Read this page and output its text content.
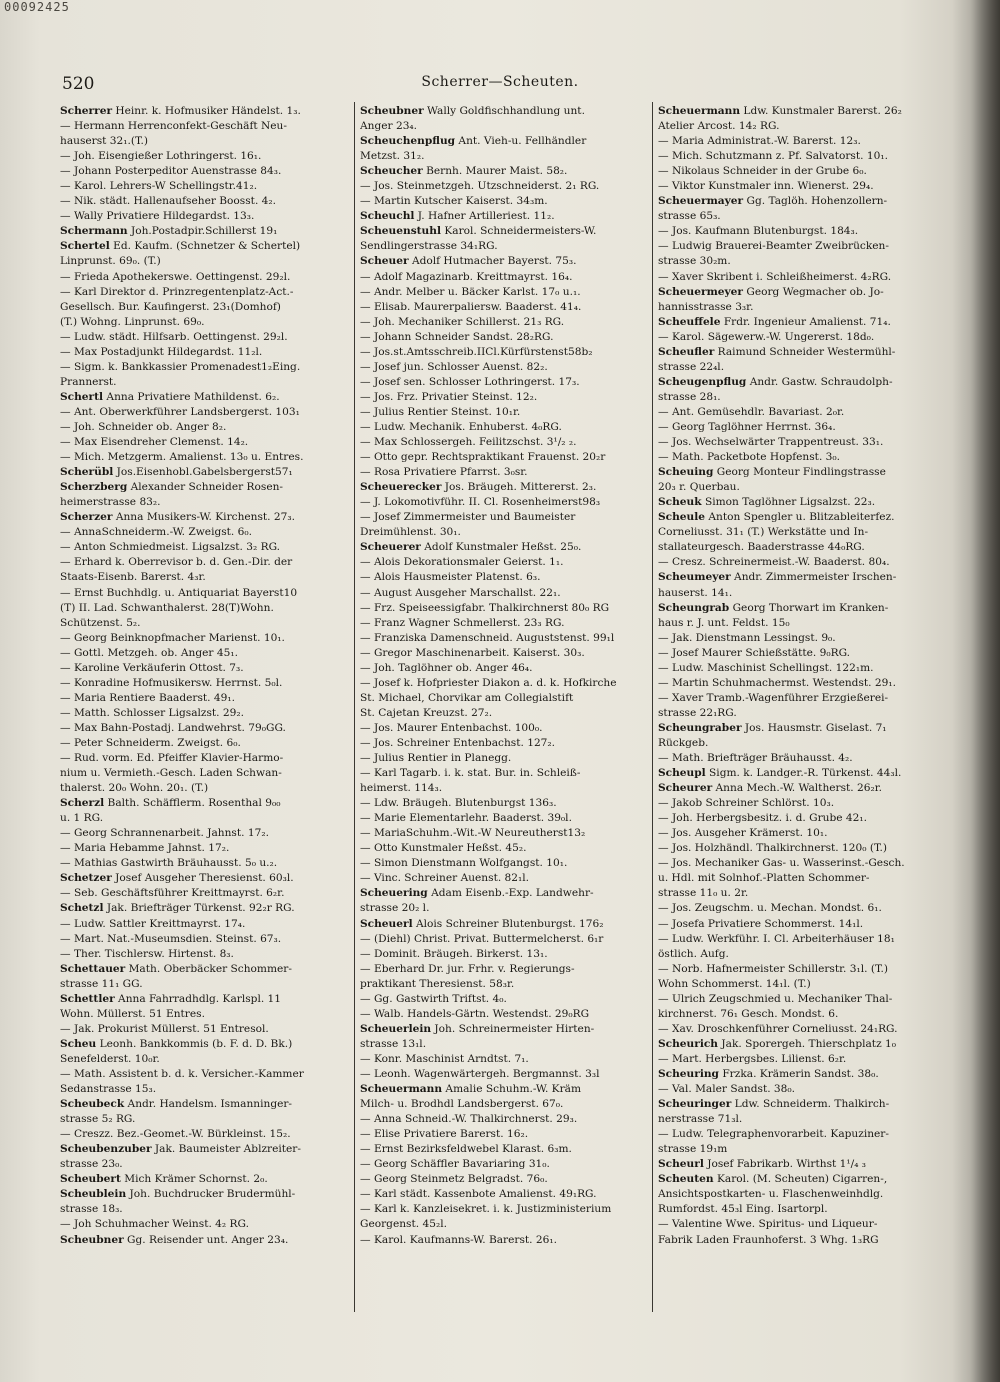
00092425
520	Scherrer—Scheuten.
Scherrer Heinr. k. Hofmusiker Händelst. 1₃.
— Hermann Herrenconfekt-Geschäft Neu-
hauserst 32₁.(T.)
— Joh. Eisengießer Lothringerst. 16₁.
— Johann Posterpeditor Auenstrasse 84₃.
— Karol. Lehrers-W Schellingstr.41₂.
— Nik. städt. Hallenaufseher Boosst. 4₂.
— Wally Privatiere Hildegardst. 13₃.
Schermann Joh.Postadpir.Schillerst 19₁
Schertel Ed. Kaufm. (Schnetzer & Schertel)
Linprunst. 69₀. (T.)
— Frieda Apothekerswe. Oettingenst. 29₂l.
— Karl Direktor d. Prinzregentenplatz-Act.-
Gesellsch. Bur. Kaufingerst. 23₁(Domhof)
(T.) Wohng. Linprunst. 69₀.
— Ludw. städt. Hilfsarb. Oettingenst. 29₂l.
— Max Postadjunkt Hildegardst. 11₂l.
— Sigm. k. Bankkassier Promenadest1₂Eing.
Prannerst.
Schertl Anna Privatiere Mathildenst. 6₂.
— Ant. Oberwerkführer Landsbergerst. 103₁
— Joh. Schneider ob. Anger 8₂.
— Max Eisendreher Clemenst. 14₂.
— Mich. Metzgerm. Amalienst. 13₀ u. Entres.
Scherübl Jos.Eisenhobl.Gabelsbergerst57₁
Scherzberg Alexander Schneider Rosen-
heimerstrasse 83₂.
Scherzer Anna Musikers-W. Kirchenst. 27₃.
— AnnaSchneiderm.-W. Zweigst. 6₀.
— Anton Schmiedmeist. Ligsalzst. 3₂ RG.
— Erhard k. Oberrevisor b. d. Gen.-Dir. der
Staats-Eisenb. Barerst. 4₃r.
— Ernst Buchhdlg. u. Antiquariat Bayerst10
(T) II. Lad. Schwanthalerst. 28(T)Wohn.
Schützenst. 5₂.
— Georg Beinknopfmacher Marienst. 10₁.
— Gottl. Metzgeh. ob. Anger 45₁.
— Karoline Verkäuferin Ottost. 7₃.
— Konradine Hofmusikersw. Herrnst. 5₀l.
— Maria Rentiere Baaderst. 49₁.
— Matth. Schlosser Ligsalzst. 29₂.
— Max Bahn-Postadj. Landwehrst. 79₀GG.
— Peter Schneiderm. Zweigst. 6₀.
— Rud. vorm. Ed. Pfeiffer Klavier-Harmo-
nium u. Vermieth.-Gesch. Laden Schwan-
thalerst. 20₀ Wohn. 20₁. (T.)
Scherzl Balth. Schäfflerm. Rosenthal 9₀₀
u. 1 RG.
— Georg Schrannenarbeit. Jahnst. 17₂.
— Maria Hebamme Jahnst. 17₂.
— Mathias Gastwirth Bräuhausst. 5₀ u.₂.
Schetzer Josef Ausgeher Theresienst. 60₃l.
— Seb. Geschäftsführer Kreittmayrst. 6₂r.
Schetzl Jak. Briefträger Türkenst. 92₂r RG.
— Ludw. Sattler Kreittmayrst. 17₄.
— Mart. Nat.-Museumsdien. Steinst. 67₃.
— Ther. Tischlersw. Hirtenst. 8₃.
Schettauer Math. Oberbäcker Schommer-
strasse 11₁ GG.
Schettler Anna Fahrradhdlg. Karlspl. 11
Wohn. Müllerst. 51 Entres.
— Jak. Prokurist Müllerst. 51 Entresol.
Scheu Leonh. Bankkommis (b. F. d. D. Bk.)
Senefelderst. 10₀r.
— Math. Assistent b. d. k. Versicher.-Kammer
Sedanstrasse 15₃.
Scheubeck Andr. Handelsm. Ismanninger-
strasse 5₂ RG.
— Creszz. Bez.-Geomet.-W. Bürkleinst. 15₂.
Scheubenzuber Jak. Baumeister Ablzreiter-
strasse 23₀.
Scheubert Mich Krämer Schornst. 2₀.
Scheublein Joh. Buchdrucker Brudermühl-
strasse 18₃.
— Joh Schuhmacher Weinst. 4₂ RG.
Scheubner Gg. Reisender unt. Anger 23₄.
Scheubner Wally Goldfischhandlung unt.
Anger 23₄.
Scheuchenpflug Ant. Vieh-u. Fellhändler
Metzst. 31₂.
Scheucher Bernh. Maurer Maist. 58₂.
— Jos. Steinmetzgeh. Utzschneiderst. 2₁ RG.
— Martin Kutscher Kaiserst. 34₃m.
Scheuchl J. Hafner Artilleriest. 11₂.
Scheuenstuhl Karol. Schneidermeisters-W.
Sendlingerstrasse 34₁RG.
Scheuer Adolf Hutmacher Bayerst. 75₃.
— Adolf Magazinarb. Kreittmayrst. 16₄.
— Andr. Melber u. Bäcker Karlst. 17₀ u.₁.
— Elisab. Maurerpaliersw. Baaderst. 41₄.
— Joh. Mechaniker Schillerst. 21₃ RG.
— Johann Schneider Sandst. 28₂RG.
— Jos.st.Amtsschreib.IICl.Kürfürstenst58b₂
— Josef jun. Schlosser Auenst. 82₂.
— Josef sen. Schlosser Lothringerst. 17₃.
— Jos. Frz. Privatier Steinst. 12₂.
— Julius Rentier Steinst. 10₁r.
— Ludw. Mechanik. Enhuberst. 4₀RG.
— Max Schlossergeh. Feilitzschst. 3¹/₂ ₂.
— Otto gepr. Rechtspraktikant Frauenst. 20₂r
— Rosa Privatiere Pfarrst. 3₀sr.
Scheuerecker Jos. Bräugeh. Mittererst. 2₃.
— J. Lokomotivführ. II. Cl. Rosenheimerst98₃
— Josef Zimmermeister und Baumeister
Dreimühlenst. 30₁.
Scheuerer Adolf Kunstmaler Heßst. 25₀.
— Alois Dekorationsmaler Geierst. 1₁.
— Alois Hausmeister Platenst. 6₃.
— August Ausgeher Marschallst. 22₁.
— Frz. Speiseessigfabr. Thalkirchnerst 80₀ RG
— Franz Wagner Schmellerst. 23₃ RG.
— Franziska Damenschneid. Auguststenst. 99₁l
— Gregor Maschinenarbeit. Kaiserst. 30₃.
— Joh. Taglöhner ob. Anger 46₄.
— Josef k. Hofpriester Diakon a. d. k. Hofkirche
St. Michael, Chorvikar am Collegialstift
St. Cajetan Kreuzst. 27₂.
— Jos. Maurer Entenbachst. 100₀.
— Jos. Schreiner Entenbachst. 127₂.
— Julius Rentier in Planegg.
— Karl Tagarb. i. k. stat. Bur. in. Schleiß-
heimerst. 114₃.
— Ldw. Bräugeh. Blutenburgst 136₃.
— Marie Elementarlehr. Baaderst. 39₀l.
— MariaSchuhm.-Wit.-W Neureutherst13₂
— Otto Kunstmaler Heßst. 45₂.
— Simon Dienstmann Wolfgangst. 10₁.
— Vinc. Schreiner Auenst. 82₁l.
Scheuering Adam Eisenb.-Exp. Landwehr-
strasse 20₂ l.
Scheuerl Alois Schreiner Blutenburgst. 176₂
— (Diehl) Christ. Privat. Buttermelcherst. 6₁r
— Dominit. Bräugeh. Birkerst. 13₁.
— Eberhard Dr. jur. Frhr. v. Regierungs-
praktikant Theresienst. 58₃r.
— Gg. Gastwirth Triftst. 4₀.
— Walb. Handels-Gärtn. Westendst. 29₀RG
Scheuerlein Joh. Schreinermeister Hirten-
strasse 13₁l.
— Konr. Maschinist Arndtst. 7₁.
— Leonh. Wagenwärtergeh. Bergmannst. 3₃l
Scheuermann Amalie Schuhm.-W. Kräm
Milch- u. Brodhdl Landsbergerst. 67₀.
— Anna Schneid.-W. Thalkirchnerst. 29₃.
— Elise Privatiere Barerst. 16₂.
— Ernst Bezirksfeldwebel Klarast. 6₃m.
— Georg Schäffler Bavariaring 31₀.
— Georg Steinmetz Belgradst. 76₀.
— Karl städt. Kassenbote Amalienst. 49₁RG.
— Karl k. Kanzleisekret. i. k. Justizministerium
Georgenst. 45₂l.
— Karol. Kaufmanns-W. Barerst. 26₁.
Scheuermann Ldw. Kunstmaler Barerst. 26₂
Atelier Arcost. 14₂ RG.
— Maria Administrat.-W. Barerst. 12₃.
— Mich. Schutzmann z. Pf. Salvatorst. 10₁.
— Nikolaus Schneider in der Grube 6₀.
— Viktor Kunstmaler inn. Wienerst. 29₄.
Scheuermayer Gg. Taglöh. Hohenzollern-
strasse 65₃.
— Jos. Kaufmann Blutenburgst. 184₃.
— Ludwig Brauerei-Beamter Zweibrücken-
strasse 30₂m.
— Xaver Skribent i. Schleißheimerst. 4₂RG.
Scheuermeyer Georg Wegmacher ob. Jo-
hannisstrasse 3₃r.
Scheuffele Frdr. Ingenieur Amalienst. 71₄.
— Karol. Sägewerw.-W. Ungererst. 18d₀.
Scheufler Raimund Schneider Westermühl-
strasse 22₄l.
Scheugenpflug Andr. Gastw. Schraudolph-
strasse 28₁.
— Ant. Gemüsehdlr. Bavariast. 2₀r.
— Georg Taglöhner Herrnst. 36₄.
— Jos. Wechselwärter Trappentreust. 33₁.
— Math. Packetbote Hopfenst. 3₀.
Scheuing Georg Monteur Findlingstrasse
20₃ r. Querbau.
Scheuk Simon Taglöhner Ligsalzst. 22₃.
Scheule Anton Spengler u. Blitzableiterfez.
Corneliusst. 31₁ (T.) Werkstätte und In-
stallateurgesch. Baaderstrasse 44₀RG.
— Cresz. Schreinermeist.-W. Baaderst. 80₄.
Scheumeyer Andr. Zimmermeister Irschen-
hauserst. 14₁.
Scheungrab Georg Thorwart im Kranken-
haus r. J. unt. Feldst. 15₀
— Jak. Dienstmann Lessingst. 9₀.
— Josef Maurer Schießstätte. 9₀RG.
— Ludw. Maschinist Schellingst. 122₁m.
— Martin Schuhmachermst. Westendst. 29₁.
— Xaver Tramb.-Wagenführer Erzgießerei-
strasse 22₁RG.
Scheungraber Jos. Hausmstr. Giselast. 7₁
Rückgeb.
— Math. Briefträger Bräuhausst. 4₂.
Scheupl Sigm. k. Landger.-R. Türkenst. 44₃l.
Scheurer Anna Mech.-W. Waltherst. 26₂r.
— Jakob Schreiner Schlörst. 10₃.
— Joh. Herbergsbesitz. i. d. Grube 42₁.
— Jos. Ausgeher Krämerst. 10₁.
— Jos. Holzhändl. Thalkirchnerst. 120₀ (T.)
— Jos. Mechaniker Gas- u. Wasserinst.-Gesch.
u. Hdl. mit Solnhof.-Platten Schommer-
strasse 11₀ u. 2r.
— Jos. Zeugschm. u. Mechan. Mondst. 6₁.
— Josefa Privatiere Schommerst. 14₁l.
— Ludw. Werkführ. I. Cl. Arbeiterhäuser 18₁
östlich. Aufg.
— Norb. Hafnermeister Schillerstr. 3₁l. (T.)
Wohn Schommerst. 14₁l. (T.)
— Ulrich Zeugschmied u. Mechaniker Thal-
kirchnerst. 76₁ Gesch. Mondst. 6.
— Xav. Droschkenführer Corneliusst. 24₁RG.
Scheurich Jak. Sporergeh. Thierschplatz 1₀
— Mart. Herbergsbes. Lilienst. 6₂r.
Scheuring Frzka. Krämerin Sandst. 38₀.
— Val. Maler Sandst. 38₀.
Scheuringer Ldw. Schneiderm. Thalkirch-
nerstrasse 71₃l.
— Ludw. Telegraphenvorarbeit. Kapuziner-
strasse 19₁m
Scheurl Josef Fabrikarb. Wirthst 1¹/₄ ₃
Scheuten Karol. (M. Scheuten) Cigarren-,
Ansichtspostkarten- u. Flaschenweinhdlg.
Rumfordst. 45₃l Eing. Isartorpl.
— Valentine Wwe. Spiritus- und Liqueur-
Fabrik Laden Fraunhoferst. 3 Whg. 1₃RG
